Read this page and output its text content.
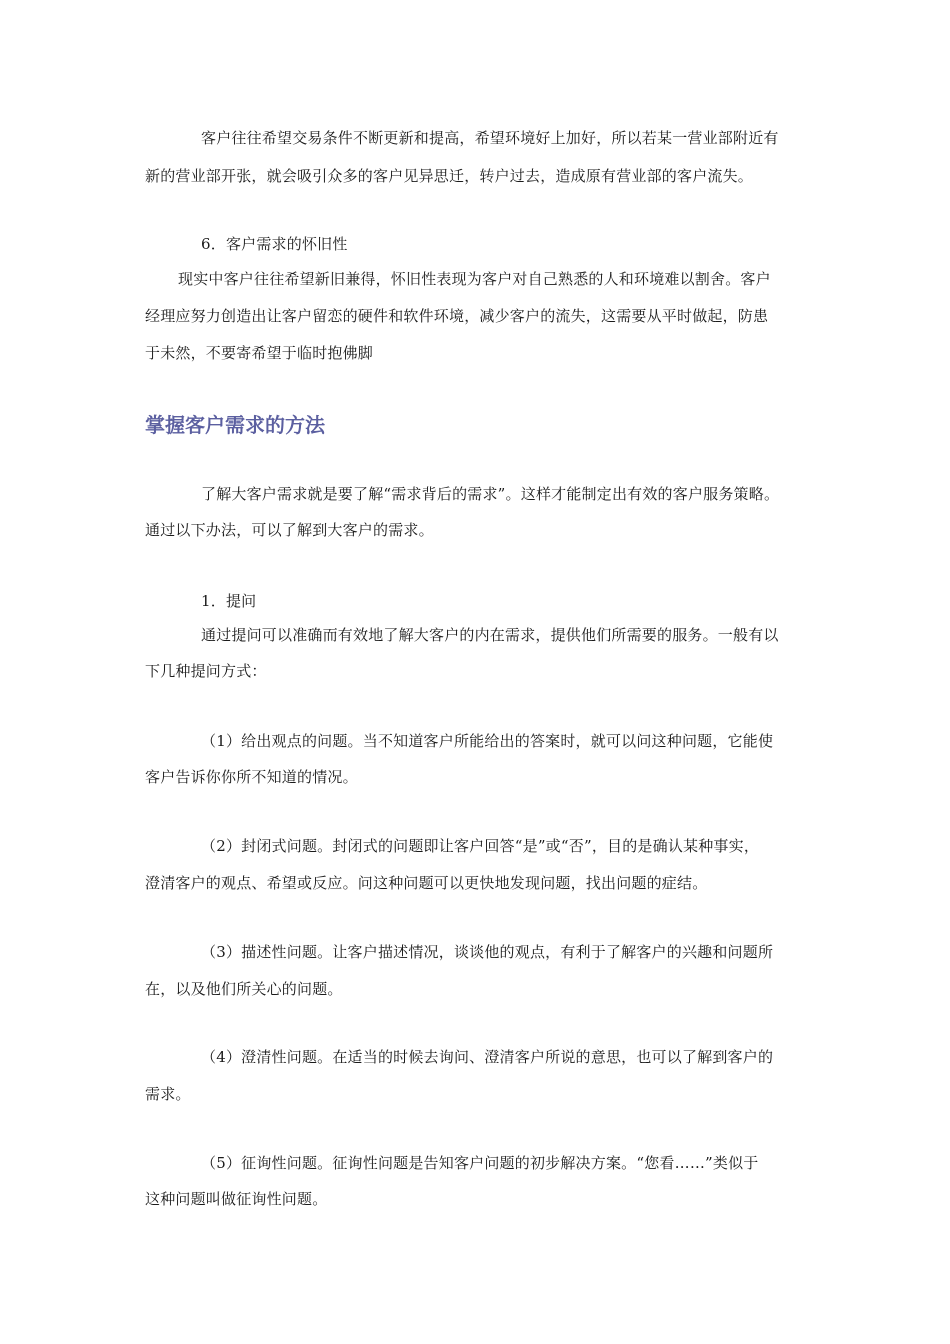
客户往往希望交易条件不断更新和提高，希望环境好上加好，所以若某一营业部附近有
新的营业部开张，就会吸引众多的客户见异思迁，转户过去，造成原有营业部的客户流失。
6．客户需求的怀旧性
现实中客户往往希望新旧兼得，怀旧性表现为客户对自己熟悉的人和环境难以割舍。客户
经理应努力创造出让客户留恋的硬件和软件环境，减少客户的流失，这需要从平时做起，防患
于未然，不要寄希望于临时抱佛脚
掌握客户需求的方法
了解大客户需求就是要了解“需求背后的需求”。这样才能制定出有效的客户服务策略。
通过以下办法，可以了解到大客户的需求。
1．提问
通过提问可以准确而有效地了解大客户的内在需求，提供他们所需要的服务。一般有以
下几种提问方式：
（1）给出观点的问题。当不知道客户所能给出的答案时，就可以问这种问题，它能使
客户告诉你你所不知道的情况。
（2）封闭式问题。封闭式的问题即让客户回答“是”或“否”，目的是确认某种事实，
澄清客户的观点、希望或反应。问这种问题可以更快地发现问题，找出问题的症结。
（3）描述性问题。让客户描述情况，谈谈他的观点，有利于了解客户的兴趣和问题所
在，以及他们所关心的问题。
（4）澄清性问题。在适当的时候去询问、澄清客户所说的意思，也可以了解到客户的
需求。
（5）征询性问题。征询性问题是告知客户问题的初步解决方案。“您看……”类似于
这种问题叫做征询性问题。
